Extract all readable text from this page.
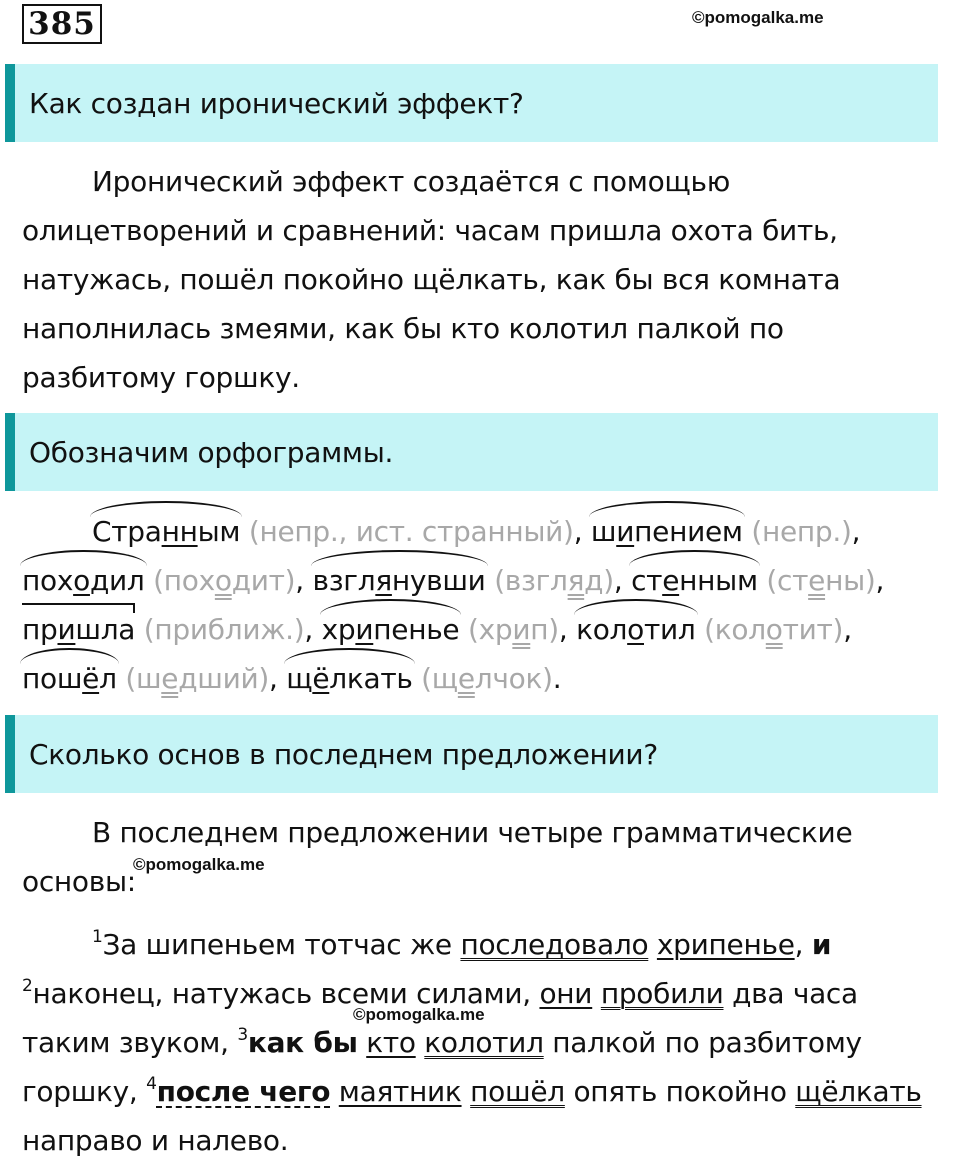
385	©pomogalka.me
Как создан иронический эффект?
Иронический эффект создаётся с помощью
олицетворений и сравнений: часам пришла охота бить,
натужась, пошёл покойно щёлкать, как бы вся комната
наполнилась змеями, как бы кто колотил палкой по
разбитому горшку.
Обозначим орфограммы.
Странным (непр., ист. странный), шипением (непр.),
походил (походит), взглянувши (взгляд), стенным (стены),
пришла (приближ.), хрипенье (хрип), колотил (колотит),
пошёл (шедший), щёлкать (щелчок).
Сколько основ в последнем предложении?
В последнем предложении четыре грамматические
основы:
©pomogalka.me
$^1$За шипеньем тотчас же последовало хрипенье, и
$^2$наконец, натужась всеми силами, они пробили два часа
таким звуком, $^3$как бы кто колотил палкой по разбитому
горшку, $^4$после чего маятник пошёл опять покойно щёлкать
направо и налево.
©pomogalka.me
